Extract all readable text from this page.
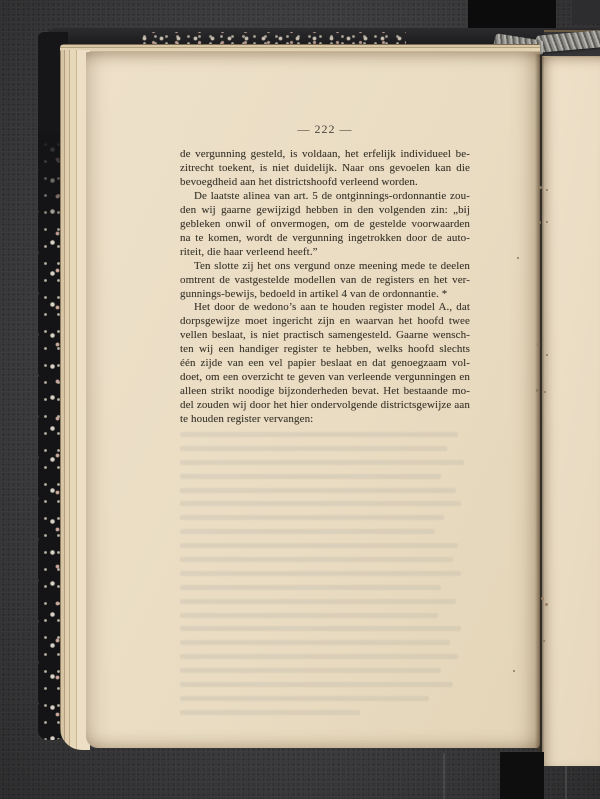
— 222 —
de vergunning gesteld, is voldaan, het erfelijk individueel be-
zitrecht toekent, is niet duidelijk. Naar ons gevoelen kan die
bevoegdheid aan het districtshoofd verleend worden.
De laatste alinea van art. 5 de ontginnings-ordonnantie zou-
den wij gaarne gewijzigd hebben in den volgenden zin: „bij
gebleken onwil of onvermogen, om de gestelde voorwaarden
na te komen, wordt de vergunning ingetrokken door de auto-
riteit, die haar verleend heeft.”
Ten slotte zij het ons vergund onze meening mede te deelen
omtrent de vastgestelde modellen van de registers en het ver-
gunnings-bewijs, bedoeld in artikel 4 van de ordonnantie. *
Het door de wedono’s aan te houden register model A., dat
dorpsgewijze moet ingericht zijn en waarvan het hoofd twee
vellen beslaat, is niet practisch samengesteld. Gaarne wensch-
ten wij een handiger register te hebben, welks hoofd slechts
één zijde van een vel papier beslaat en dat genoegzaam vol-
doet, om een overzicht te geven van verleende vergunningen en
alleen strikt noodige bijzonderheden bevat. Het bestaande mo-
del zouden wij door het hier ondervolgende districtsgewijze aan
te houden register vervangen:
